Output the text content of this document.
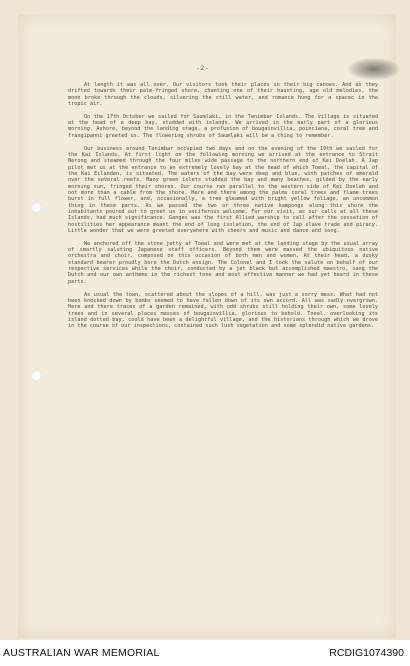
-2-

At length it was all over. Our visitors took their places in their big canoes. And as they drifted towards their palm-fringed shore, chanting one of their haunting, age old melodies, the moon broke through the clouds, silvering the still water, and romance hung for a spacec in the tropic air.

On the 17th October we sailed for Saumlaki, in the Tenimbar Islands. The village is situated at the head of a deep bay, studded with islands. We arrived in the early part of a glorious morning. Ashore, beyond the landing stage, a profusion of bougainvillia, poinciana, coral tree and frangipanni greeted us. The flowering shrubs of Saumlaki will be a thing to remember.

Our business around Tenimbar occupied two days and on the evening of the 19th we sailed for the Kai Islands. At first light on the following morning we arrived at the entrance to Strait Nerong and steamed through the four miles wide passage to the northern end of Kei Doelah. A Jap pilot met us at the entrance to an extremely lovely bay at the head of which Toeal, the capital of the Kai Eilanden, is situated. The waters of the bay were deep and blue, with patches of emerald over the several reefs. Many green islets studded the bay and many beaches, gilded by the early morning sun, fringed their shores. Our course ran parallel to the western side of Kei Doelah and not more than a cable from the shore. Here and there among the palms coral trees and flame trees burst in full flower, and, occasionally, a tree gleamed with bright yellow foliage, an uncommon thing in these parts. As we passed the two or three native kampongs along this shore the inhabitants poured out to greet us in vociferous welcome. For our visit, as our calls at all these Islands, had much significance. Ganges was the first Allied warship to call after the cessation of hostilities her appearance meant the end of long isolation, the end of Jap slave trade and piracy. Little wonder that we were greeted everywhere with cheers and music and dance and song.

We anchored off the stone jetty at Toeal and were met at the landing stage by the usual array of smartly saluting Japanese staff officers. Beyond them were massed the ubiquitous native orchestra and choir, composed on this occasion of both men and women. At their head, a dusky standard bearer proudly bore the Dutch ensign. The Colonel and I took the salute on behalf of our respective services while the choir, conducted by a jet black but accomplished maestro, sang the Dutch and our own anthems in the richest tone and most effective manner we had yet heard in these parts.

As usual the town, scattered about the slopes of a hill, was just a sorry mess. What had not been knocked down by bombs seemed to have fallen down of its own accord. All was sadly overgrown. Here and there traces of a garden remained, with odd shrubs still holding their own, some lovely trees and in several places masses of bougainvillia, glorious to behold. Toeal, overlooking its island dotted bay, could have been a delightful village, and the historians through which we drove in the course of our inspections, contained such lush vegetation and some splendid native gardens.

AUSTRALIAN WAR MEMORIAL	RCDIG1074390
